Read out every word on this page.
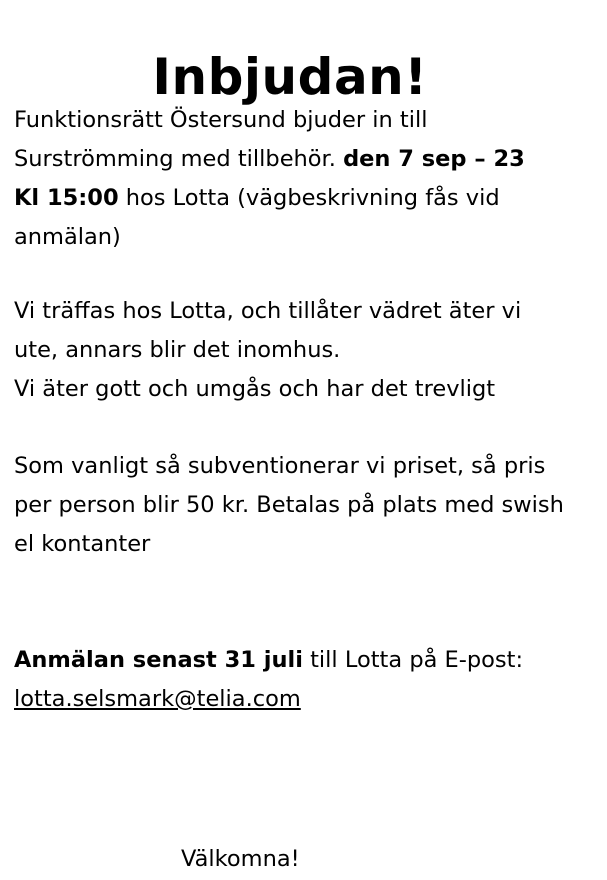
Inbjudan!

Funktionsrätt Östersund bjuder in till
Surströmming med tillbehör. den 7 sep – 23
Kl 15:00 hos Lotta (vägbeskrivning fås vid
anmälan)

Vi träffas hos Lotta, och tillåter vädret äter vi
ute, annars blir det inomhus.
Vi äter gott och umgås och har det trevligt

Som vanligt så subventionerar vi priset, så pris
per person blir 50 kr. Betalas på plats med swish
el kontanter

Anmälan senast 31 juli till Lotta på E-post:
lotta.selsmark@telia.com

Välkomna!
